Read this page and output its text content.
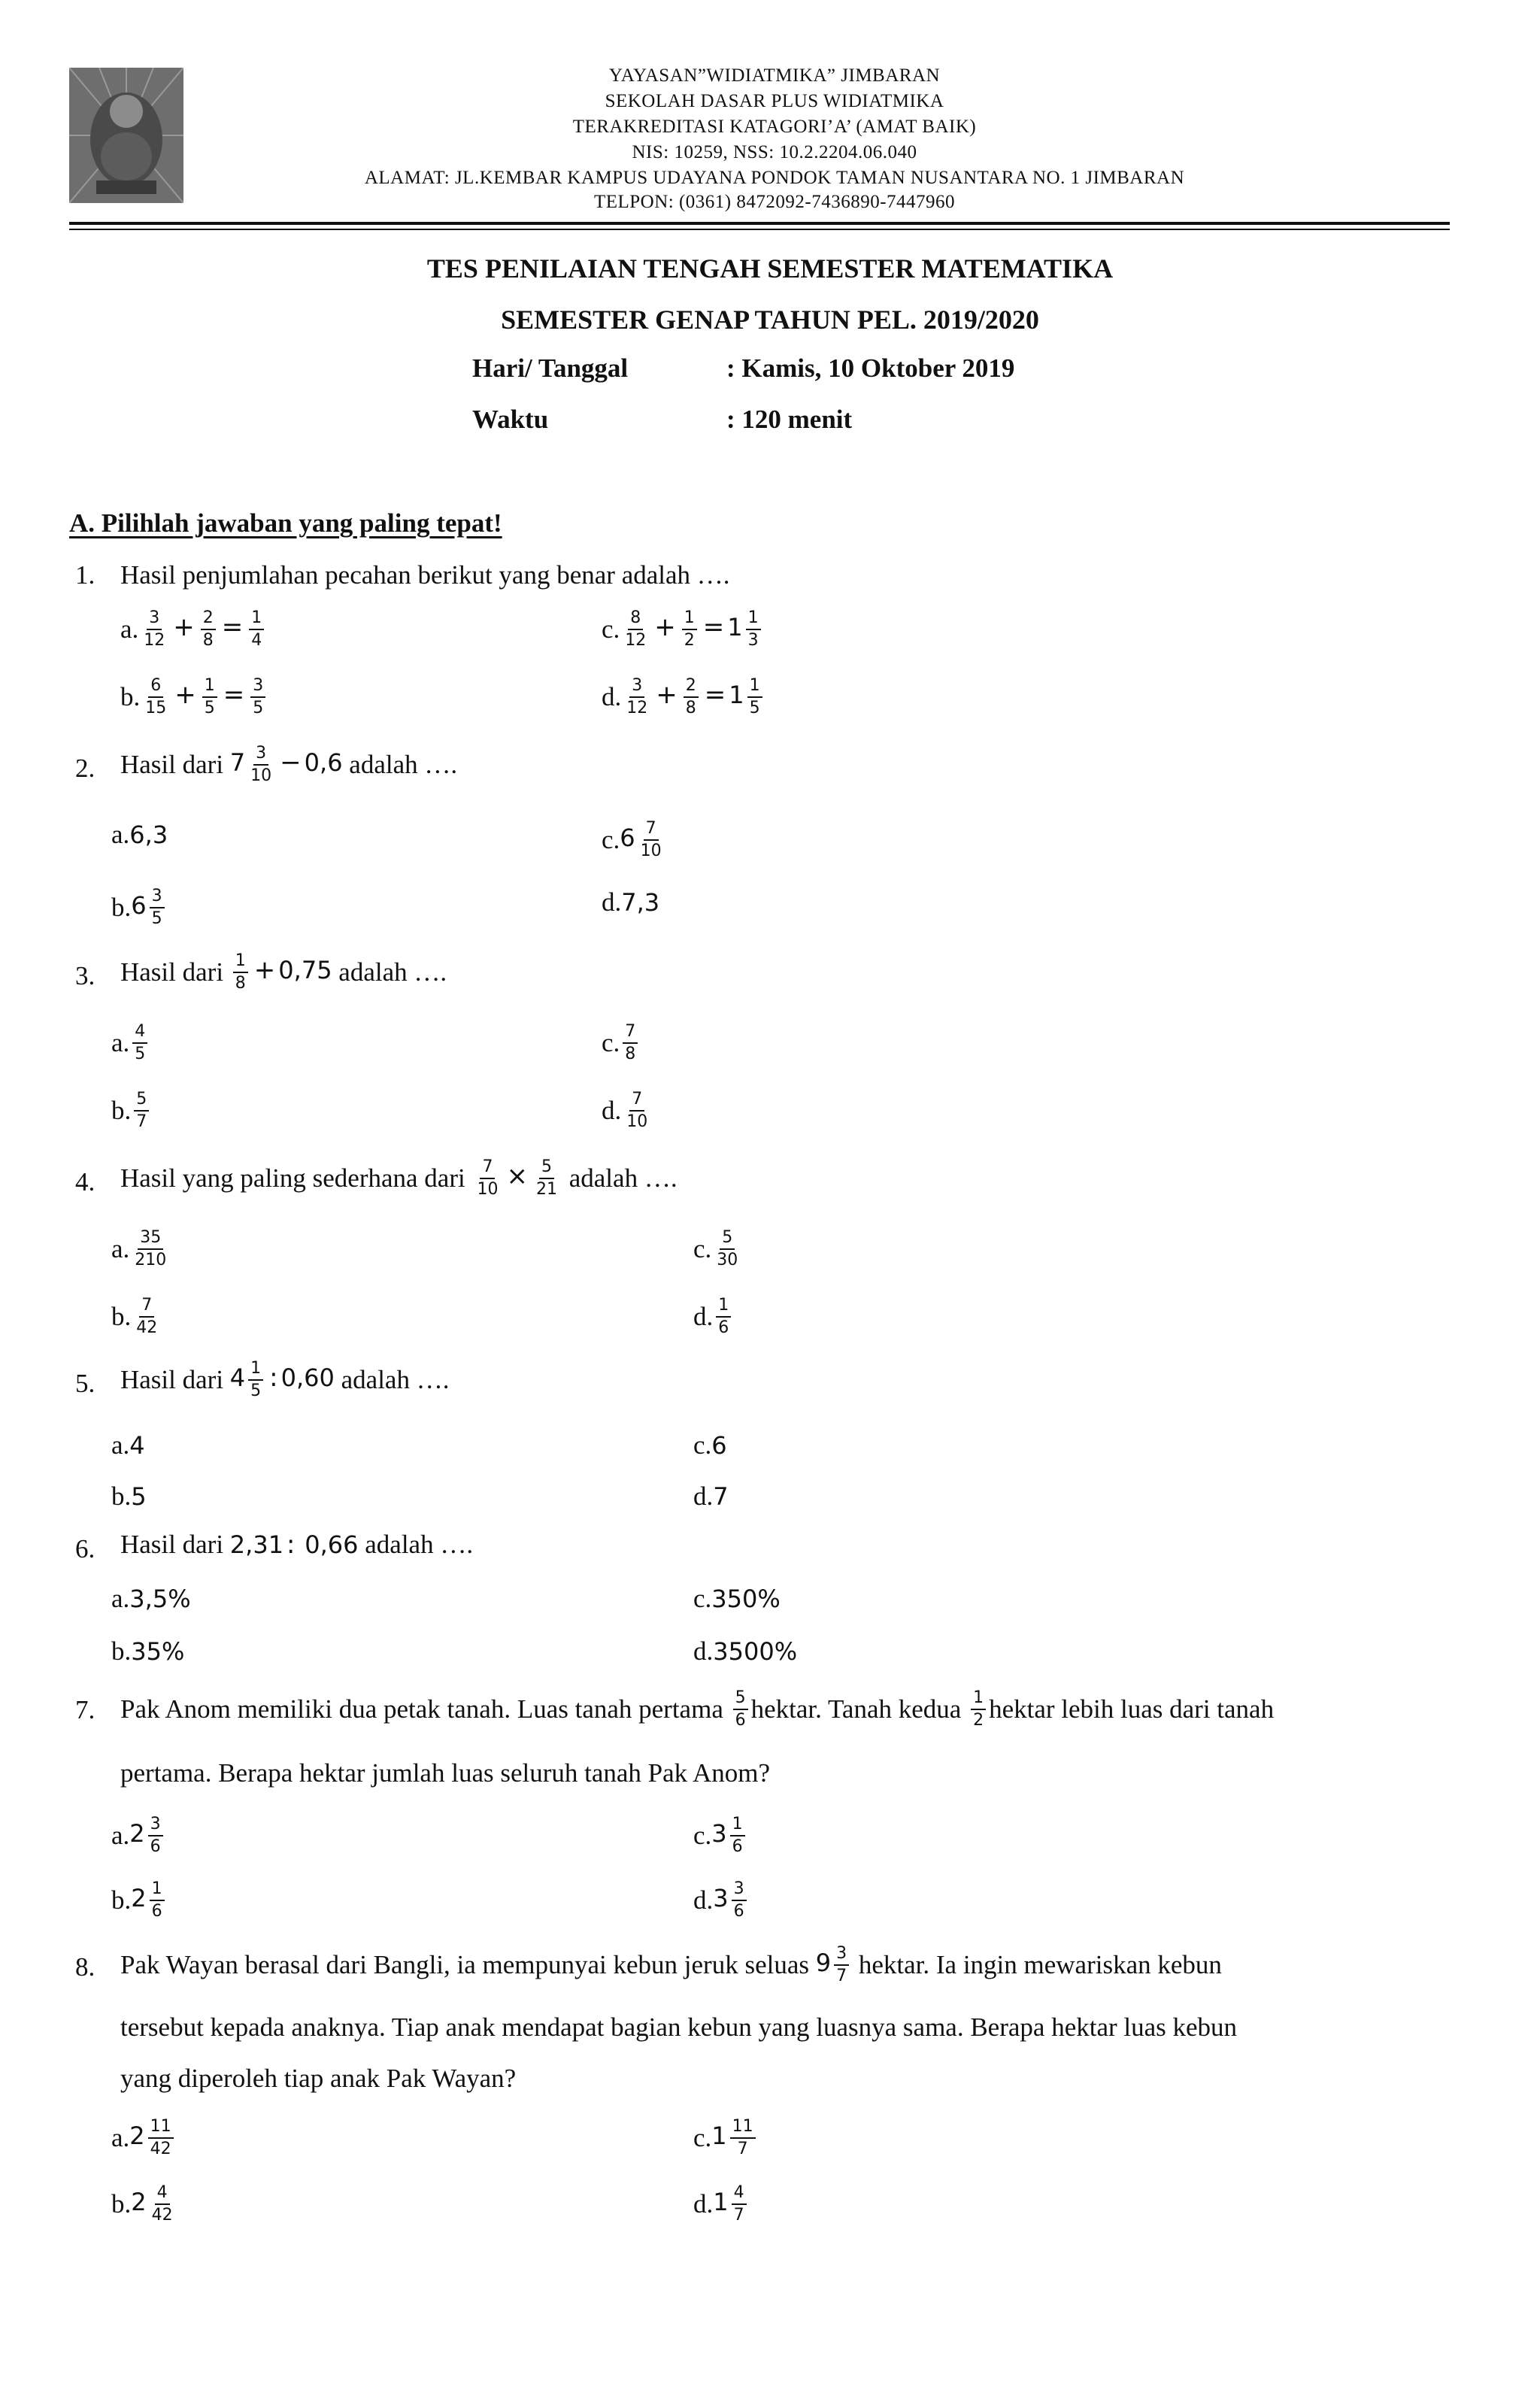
YAYASAN”WIDIATMIKA” JIMBARAN
SEKOLAH DASAR PLUS WIDIATMIKA
TERAKREDITASI KATAGORI’A’ (AMAT BAIK)
NIS: 10259, NSS: 10.2.2204.06.040
ALAMAT: JL.KEMBAR KAMPUS UDAYANA PONDOK TAMAN NUSANTARA NO. 1 JIMBARAN
TELPON: (0361) 8472092-7436890-7447960
TES PENILAIAN TENGAH SEMESTER MATEMATIKA
SEMESTER GENAP TAHUN PEL. 2019/2020
Hari/ Tanggal	: Kamis, 10 Oktober 2019
Waktu	: 120 menit
A. Pilihlah jawaban yang paling tepat!
1. Hasil penjumlahan pecahan berikut yang benar adalah ….
a. $\frac{3}{12} + \frac{2}{8} = \frac{1}{4}$	c. $\frac{8}{12} + \frac{1}{2} = 1 \frac{1}{3}$
b. $\frac{6}{15} + \frac{1}{5} = \frac{3}{5}$	d. $\frac{3}{12} + \frac{2}{8} = 1 \frac{1}{5}$
2. Hasil dari
$7 \frac{3}{10} - 0,6$
adalah ….
a. 6,3	c. $6 \frac{7}{10}$
b. $6 \frac{3}{5}$	d. 7,3
3. Hasil dari
$\frac{1}{8} + 0,75$
adalah ….
a. $\frac{4}{5}$	c. $\frac{7}{8}$
b. $\frac{5}{7}$	d. $\frac{7}{10}$
4. Hasil yang paling sederhana dari
$\frac{7}{10} \times \frac{5}{21}$
adalah ….
a. $\frac{35}{210}$	c. $\frac{5}{30}$
b. $\frac{7}{42}$	d. $\frac{1}{6}$
5. Hasil dari
$4 \frac{1}{5}$ : 0,60
adalah ….
a. 4	c. 6
b. 5	d. 7
6. Hasil dari
2,31 : 0,66
adalah ….
a. 3,5%	c. 350%
b. 35%	d. 3500%
7. Pak Anom memiliki dua petak tanah. Luas tanah pertama
$\frac{5}{6}$ hektar. Tanah kedua
$\frac{1}{2}$ hektar lebih luas dari tanah
pertama. Berapa hektar jumlah luas seluruh tanah Pak Anom?
a. $2 \frac{3}{6}$	c. $3 \frac{1}{6}$
b. $2 \frac{1}{6}$	d. $3 \frac{3}{6}$
8. Pak Wayan berasal dari Bangli, ia mempunyai kebun jeruk seluas
$9 \frac{3}{7}$
hektar. Ia ingin mewariskan kebun
tersebut kepada anaknya. Tiap anak mendapat bagian kebun yang luasnya sama. Berapa hektar luas kebun
yang diperoleh tiap anak Pak Wayan?
a. $2 \frac{11}{42}$	c. $1 \frac{11}{7}$
b. $2 \frac{4}{42}$	d. $1 \frac{4}{7}$
